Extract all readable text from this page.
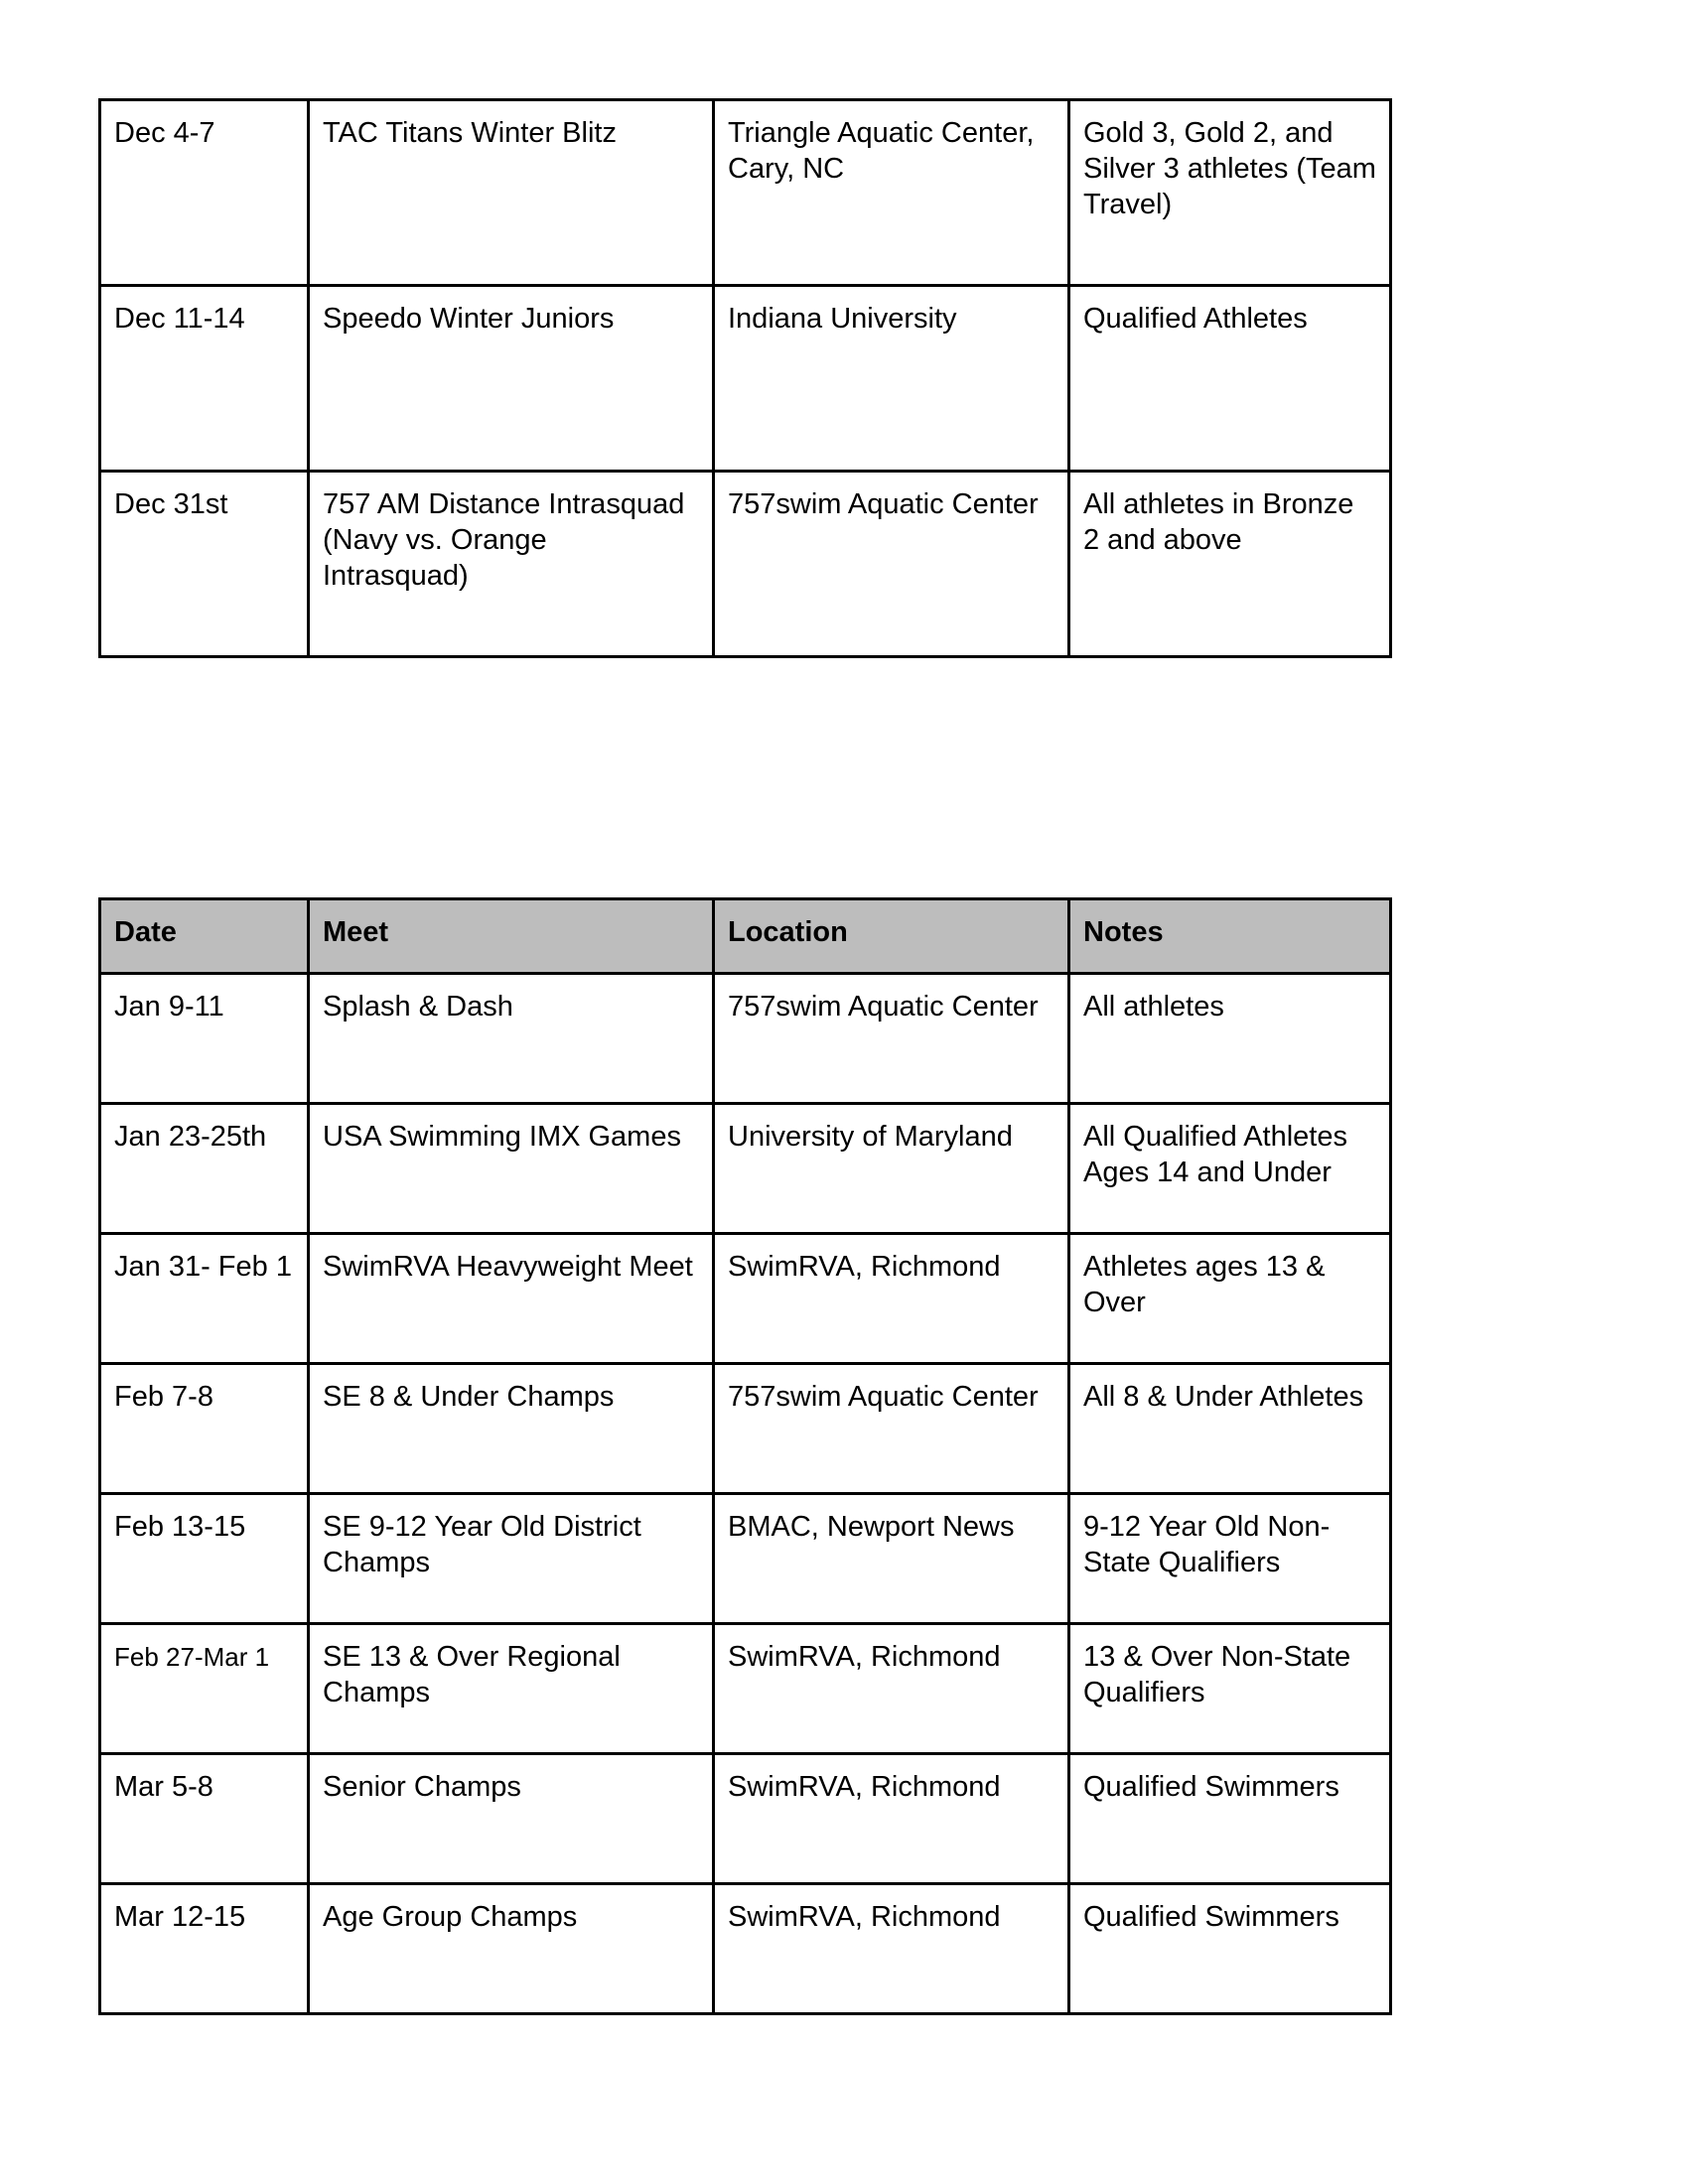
Dec 4-7	TAC Titans Winter Blitz	Triangle Aquatic Center, Cary, NC	Gold 3, Gold 2, and Silver 3 athletes (Team Travel)
Dec 11-14	Speedo Winter Juniors	Indiana University	Qualified Athletes
Dec 31st	757 AM Distance Intrasquad (Navy vs. Orange Intrasquad)	757swim Aquatic Center	All athletes in Bronze 2 and above
Date	Meet	Location	Notes
Jan 9-11	Splash & Dash	757swim Aquatic Center	All athletes
Jan 23-25th	USA Swimming IMX Games	University of Maryland	All Qualified Athletes Ages 14 and Under
Jan 31- Feb 1	SwimRVA Heavyweight Meet	SwimRVA, Richmond	Athletes ages 13 & Over
Feb 7-8	SE 8 & Under Champs	757swim Aquatic Center	All 8 & Under Athletes
Feb 13-15	SE 9-12 Year Old District Champs	BMAC, Newport News	9-12 Year Old Non-State Qualifiers
Feb 27-Mar 1	SE 13 & Over Regional Champs	SwimRVA, Richmond	13 & Over Non-State Qualifiers
Mar 5-8	Senior Champs	SwimRVA, Richmond	Qualified Swimmers
Mar 12-15	Age Group Champs	SwimRVA, Richmond	Qualified Swimmers
